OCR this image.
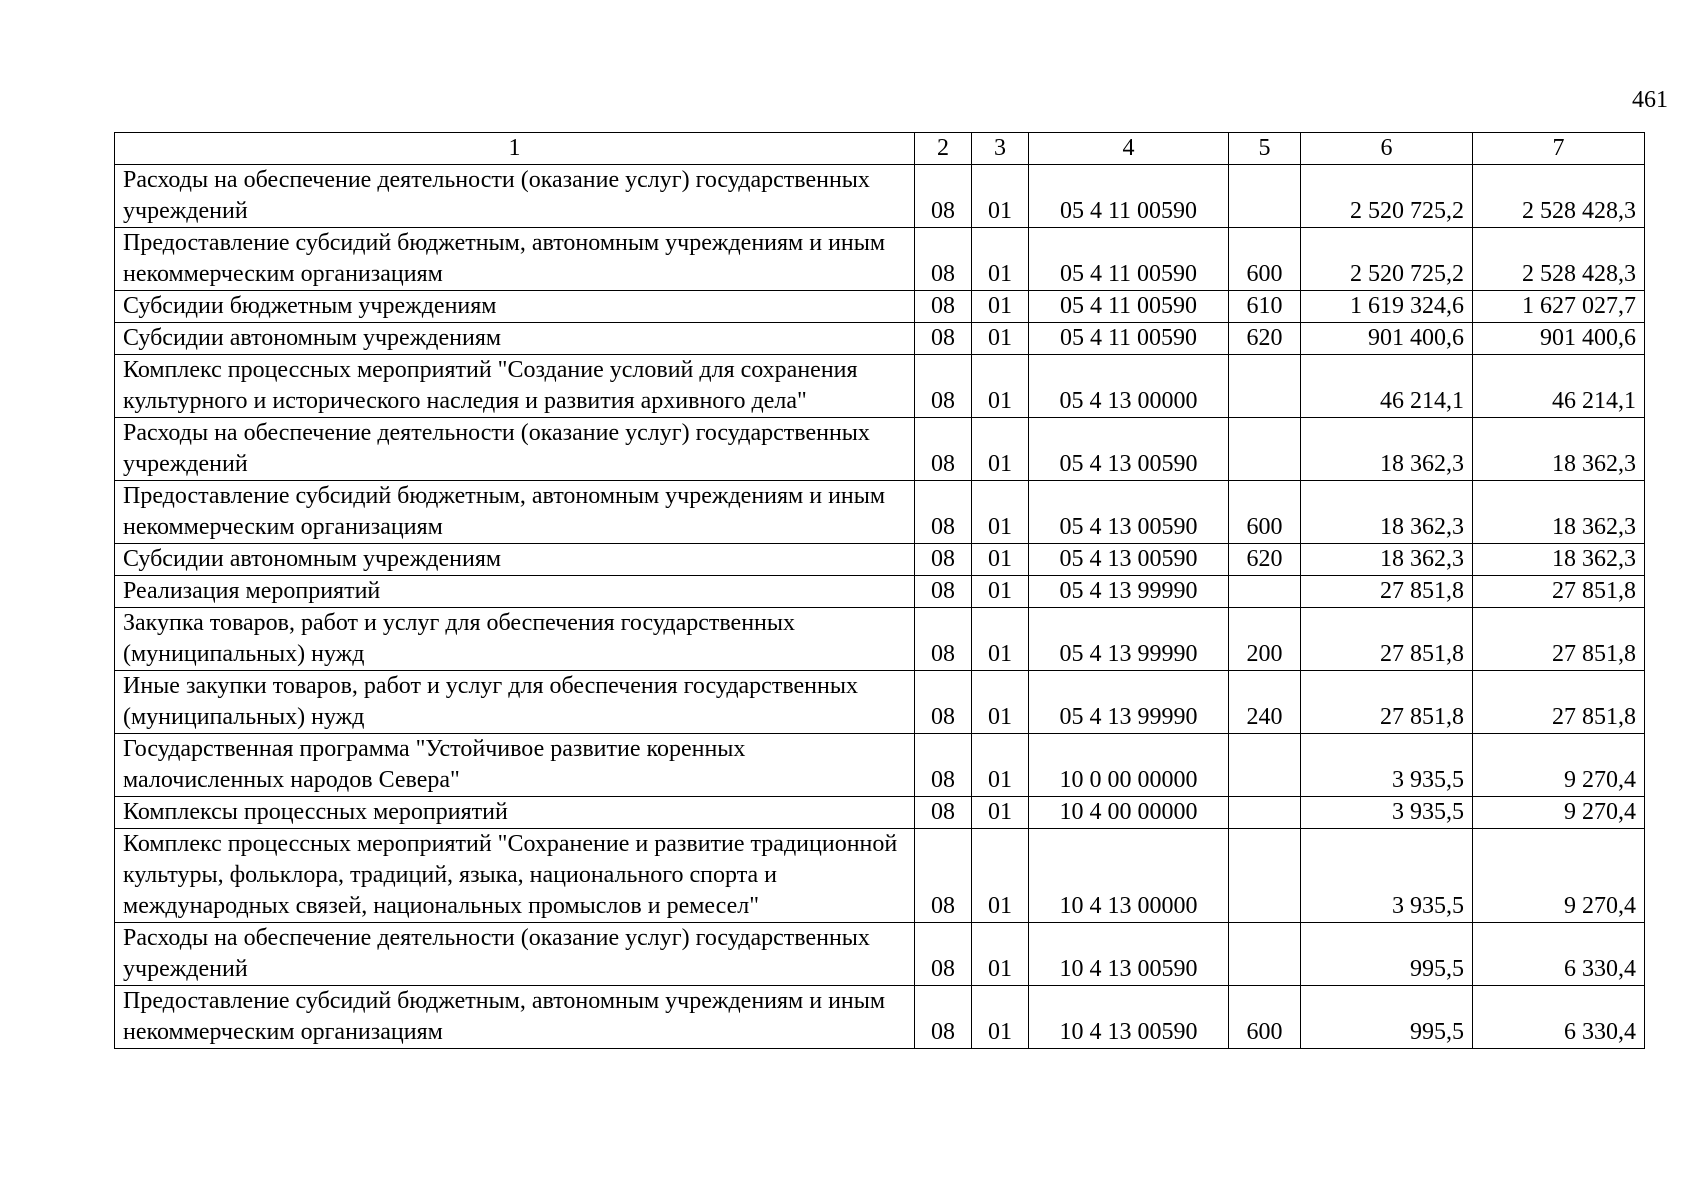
461
1	2	3	4	5	6	7
Расходы на обеспечение деятельности (оказание услуг) государственных учреждений	08	01	05 4 11 00590		2 520 725,2	2 528 428,3
Предоставление субсидий бюджетным, автономным учреждениям и иным некоммерческим организациям	08	01	05 4 11 00590	600	2 520 725,2	2 528 428,3
Субсидии бюджетным учреждениям	08	01	05 4 11 00590	610	1 619 324,6	1 627 027,7
Субсидии автономным учреждениям	08	01	05 4 11 00590	620	901 400,6	901 400,6
Комплекс процессных мероприятий "Создание условий для сохранения культурного и исторического наследия и развития архивного дела"	08	01	05 4 13 00000		46 214,1	46 214,1
Расходы на обеспечение деятельности (оказание услуг) государственных учреждений	08	01	05 4 13 00590		18 362,3	18 362,3
Предоставление субсидий бюджетным, автономным учреждениям и иным некоммерческим организациям	08	01	05 4 13 00590	600	18 362,3	18 362,3
Субсидии автономным учреждениям	08	01	05 4 13 00590	620	18 362,3	18 362,3
Реализация мероприятий	08	01	05 4 13 99990		27 851,8	27 851,8
Закупка товаров, работ и услуг для обеспечения государственных (муниципальных) нужд	08	01	05 4 13 99990	200	27 851,8	27 851,8
Иные закупки товаров, работ и услуг для обеспечения государственных (муниципальных) нужд	08	01	05 4 13 99990	240	27 851,8	27 851,8
Государственная программа "Устойчивое развитие коренных малочисленных народов Севера"	08	01	10 0 00 00000		3 935,5	9 270,4
Комплексы процессных мероприятий	08	01	10 4 00 00000		3 935,5	9 270,4
Комплекс процессных мероприятий "Сохранение и развитие традиционной культуры, фольклора, традиций, языка, национального спорта и международных связей, национальных промыслов и ремесел"	08	01	10 4 13 00000		3 935,5	9 270,4
Расходы на обеспечение деятельности (оказание услуг) государственных учреждений	08	01	10 4 13 00590		995,5	6 330,4
Предоставление субсидий бюджетным, автономным учреждениям и иным некоммерческим организациям	08	01	10 4 13 00590	600	995,5	6 330,4
